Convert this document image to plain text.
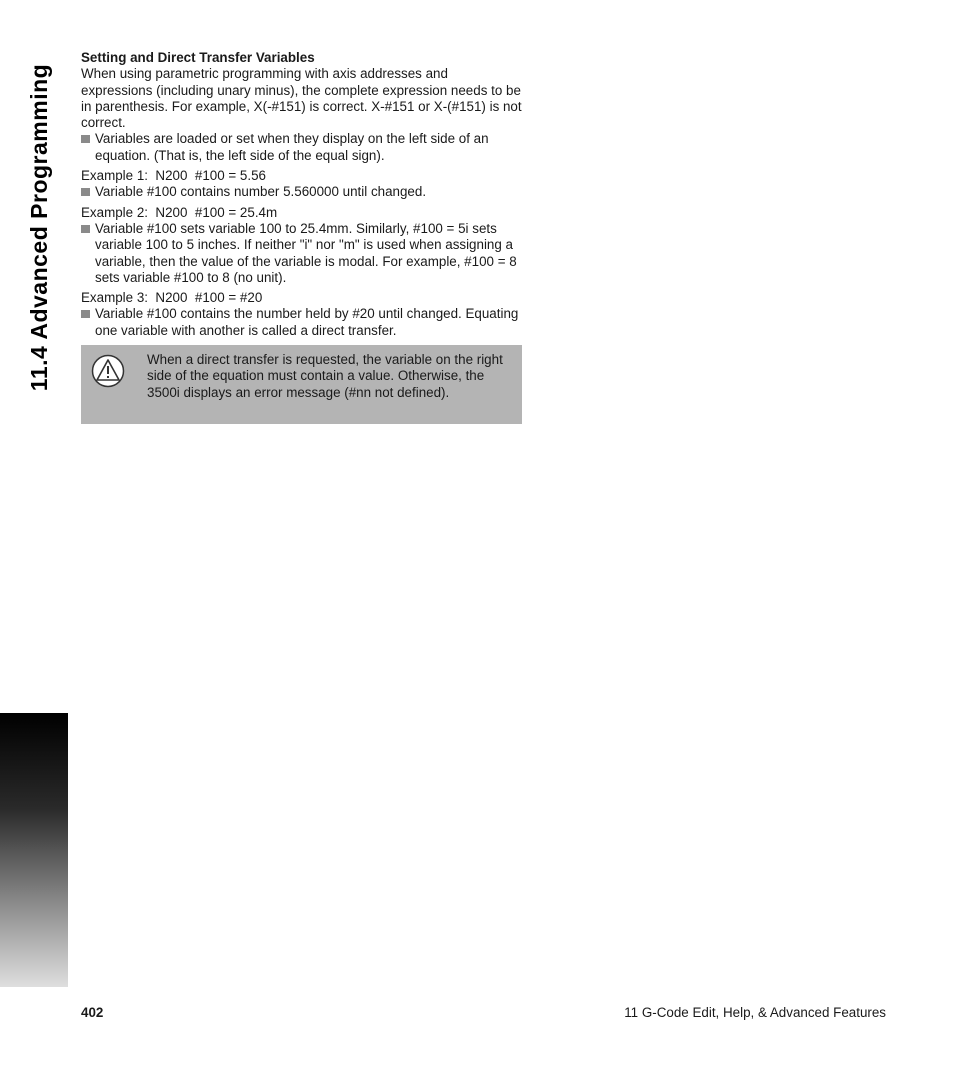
11.4 Advanced Programming

Setting and Direct Transfer Variables

When using parametric programming with axis addresses and expressions (including unary minus), the complete expression needs to be in parenthesis. For example, X(-#151) is correct. X-#151 or X-(#151) is not correct.

Variables are loaded or set when they display on the left side of an equation. (That is, the left side of the equal sign).

Example 1:  N200  #100 = 5.56

Variable #100 contains number 5.560000 until changed.

Example 2:  N200  #100 = 25.4m

Variable #100 sets variable 100 to 25.4mm. Similarly, #100 = 5i sets variable 100 to 5 inches. If neither "i" nor "m" is used when assigning a variable, then the value of the variable is modal. For example, #100 = 8 sets variable #100 to 8 (no unit).

Example 3:  N200  #100 = #20

Variable #100 contains the number held by #20 until changed. Equating one variable with another is called a direct transfer.
When a direct transfer is requested, the variable on the right side of the equation must contain a value. Otherwise, the 3500i displays an error message (#nn not defined).
402	11 G-Code Edit, Help, & Advanced Features
